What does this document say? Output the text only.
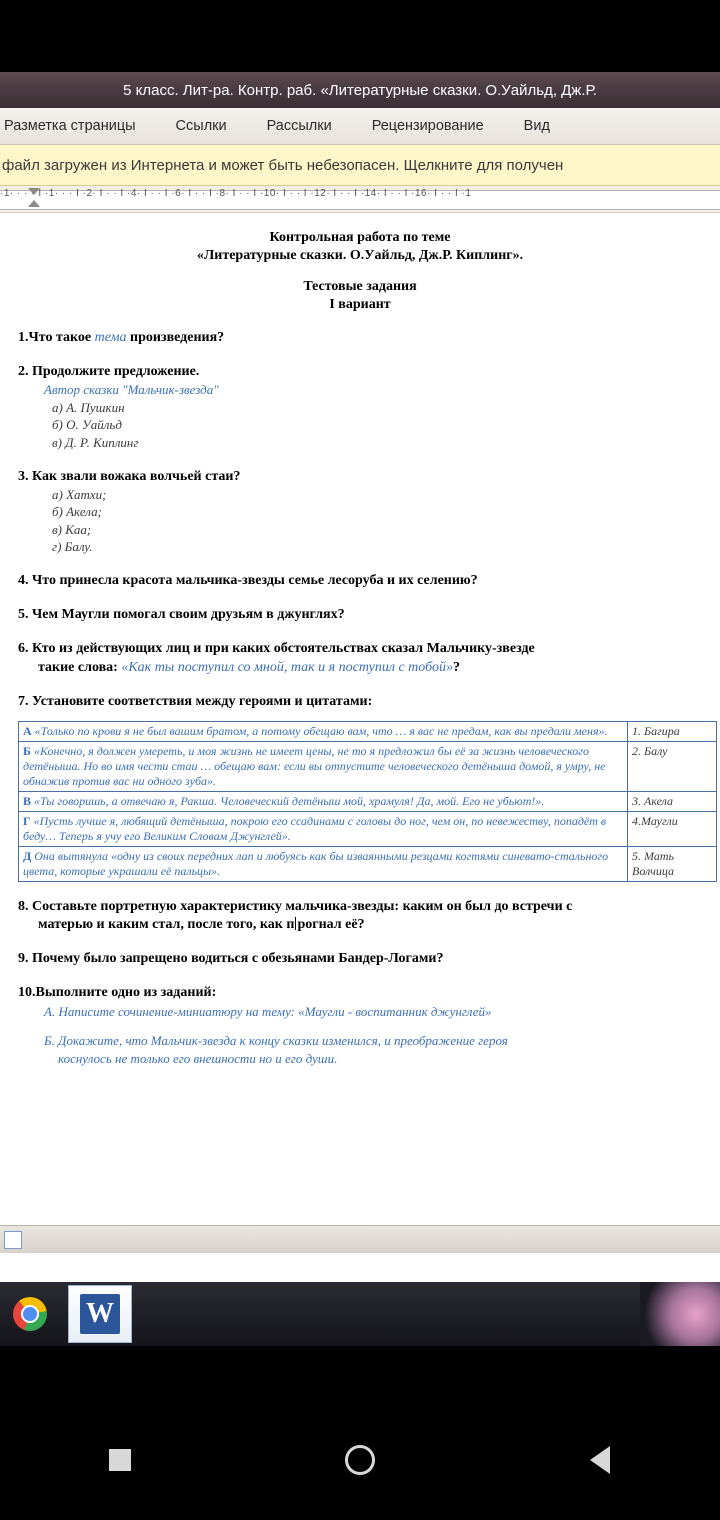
5 класс. Лит-ра. Контр. раб. «Литературные сказки. О.Уайльд, Дж.Р.
Разметка страницы	Ссылки	Рассылки	Рецензирование	Вид
файл загружен из Интернета и может быть небезопасен. Щелкните для получен
·1· · · · I ·1· · · I ·2· I · · I ·4· I · · I ·6· I · · I ·8· I · · I ·10· I · · I ·12· I · · I ·14· I · · I ·16· I · · I ·1
Контрольная работа по теме
«Литературные сказки. О.Уайльд, Дж.Р. Киплинг».
Тестовые задания
I вариант
1.Что такое тема произведения?
2. Продолжите предложение.
Автор сказки "Мальчик-звезда"
а) А. Пушкин
б) О. Уайльд
в) Д. Р. Киплинг
3. Как звали вожака волчьей стаи?
а) Хатхи;
б) Акела;
в) Каа;
г) Балу.
4. Что принесла красота мальчика-звезды семье лесоруба и их селению?
5. Чем Маугли помогал своим друзьям в джунглях?
6. Кто из действующих лиц и при каких обстоятельствах сказал Мальчику-звезде
такие слова: «Как ты поступил со мной, так и я поступил с тобой»?
7. Установите соответствия между героями и цитатами:
А «Только по крови я не был вашим братом, а потому обещаю вам, что … я вас не предам, как вы предали меня».	1. Багира
Б «Конечно, я должен умереть, и моя жизнь не имеет цены, не то я предложил бы её за жизнь человеческого детёныша. Но во имя чести стаи … обещаю вам: если вы отпустите человеческого детёныша домой, я умру, не обнажив против вас ни одного зуба».	2. Балу
В «Ты говоришь, а отвечаю я, Ракша. Человеческий детёныш мой, храмуля! Да, мой. Его не убьют!».	3. Акела
Г «Пусть лучше я, любящий детёныша, покрою его ссадинами с головы до ног, чем он, по невежеству, попадёт в беду… Теперь я учу его Великим Словам Джунглей».	4.Маугли
Д Она вытянула «одну из своих передних лап и любуясь как бы изваянными резцами когтями синевато-стального цвета, которые украшали её пальцы».	5. Мать Волчица
8. Составьте портретную характеристику мальчика-звезды: каким он был до встречи с
матерью и каким стал, после того, как п рогнал её?
9. Почему было запрещено водиться с обезьянами Бандер-Логами?
10.Выполните одно из заданий:
А. Написите сочинение-миниатюру на тему: «Маугли - воспитанник джунглей»
Б. Докажите, что Мальчик-звезда к концу сказки изменился, и преображение героя
коснулось не только его внешности но и его души.
W
